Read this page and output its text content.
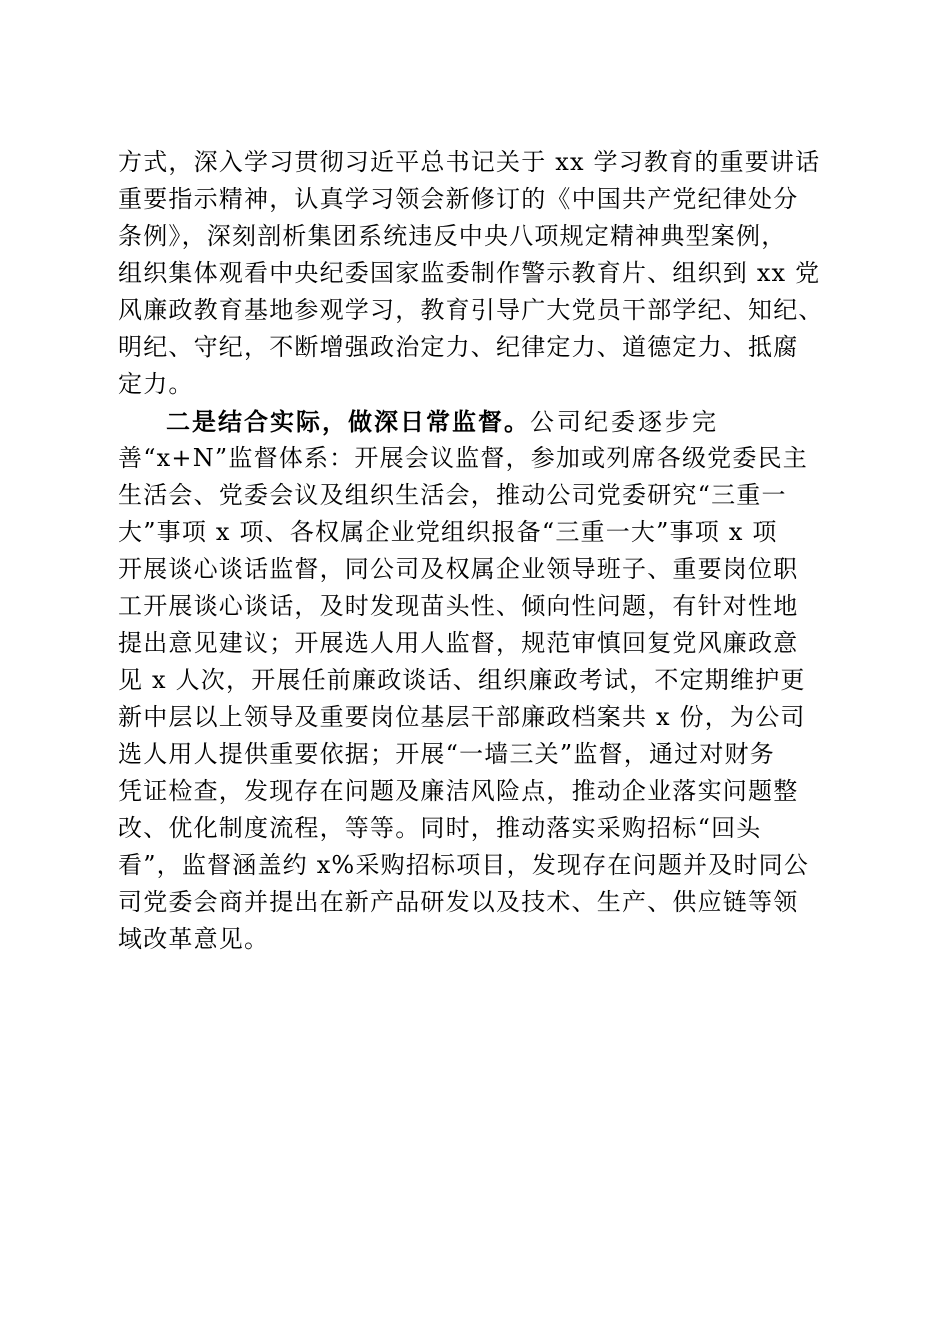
方式，深入学习贯彻习近平总书记关于 xx 学习教育的重要讲话
重要指示精神，认真学习领会新修订的《中国共产党纪律处分
条例》，深刻剖析集团系统违反中央八项规定精神典型案例，
组织集体观看中央纪委国家监委制作警示教育片、组织到 xx 党
风廉政教育基地参观学习，教育引导广大党员干部学纪、知纪、
明纪、守纪，不断增强政治定力、纪律定力、道德定力、抵腐
定力。
二是结合实际，做深日常监督。公司纪委逐步完
善“x+N”监督体系：开展会议监督，参加或列席各级党委民主
生活会、党委会议及组织生活会，推动公司党委研究“三重一
大”事项 x 项、各权属企业党组织报备“三重一大”事项 x 项
开展谈心谈话监督，同公司及权属企业领导班子、重要岗位职
工开展谈心谈话，及时发现苗头性、倾向性问题，有针对性地
提出意见建议；开展选人用人监督，规范审慎回复党风廉政意
见 x 人次，开展任前廉政谈话、组织廉政考试，不定期维护更
新中层以上领导及重要岗位基层干部廉政档案共 x 份，为公司
选人用人提供重要依据；开展“一墙三关”监督，通过对财务
凭证检查，发现存在问题及廉洁风险点，推动企业落实问题整
改、优化制度流程，等等。同时，推动落实采购招标“回头
看”，监督涵盖约 x%采购招标项目，发现存在问题并及时同公
司党委会商并提出在新产品研发以及技术、生产、供应链等领
域改革意见。
